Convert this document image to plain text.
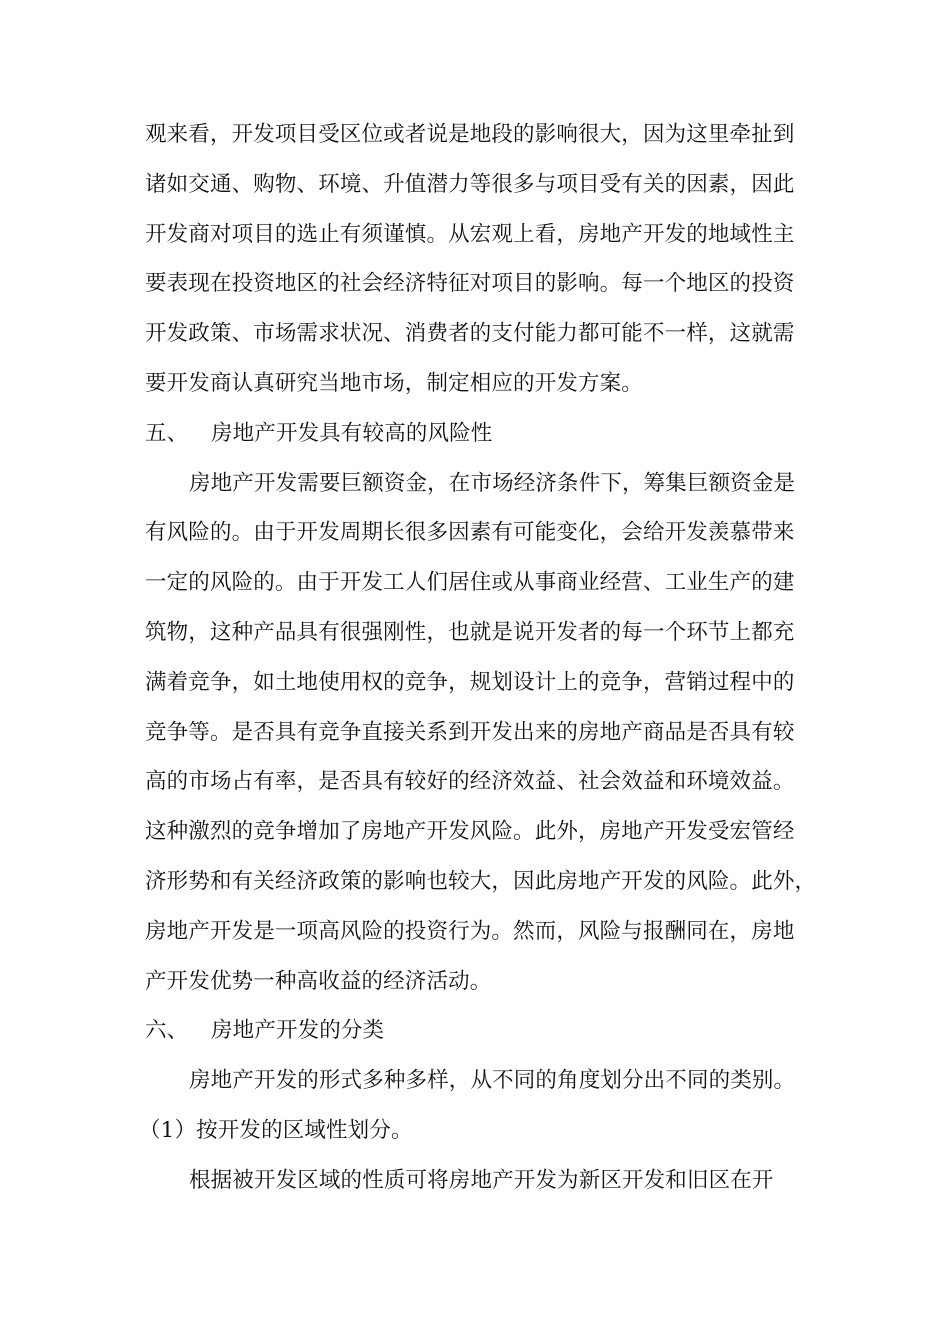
观来看，开发项目受区位或者说是地段的影响很大，因为这里牵扯到
诸如交通、购物、环境、升值潜力等很多与项目受有关的因素，因此
开发商对项目的选止有须谨慎。从宏观上看，房地产开发的地域性主
要表现在投资地区的社会经济特征对项目的影响。每一个地区的投资
开发政策、市场需求状况、消费者的支付能力都可能不一样，这就需
要开发商认真研究当地市场，制定相应的开发方案。
五、 房地产开发具有较高的风险性
房地产开发需要巨额资金，在市场经济条件下，筹集巨额资金是
有风险的。由于开发周期长很多因素有可能变化，会给开发羡慕带来
一定的风险的。由于开发工人们居住或从事商业经营、工业生产的建
筑物，这种产品具有很强刚性，也就是说开发者的每一个环节上都充
满着竞争，如土地使用权的竞争，规划设计上的竞争，营销过程中的
竞争等。是否具有竞争直接关系到开发出来的房地产商品是否具有较
高的市场占有率，是否具有较好的经济效益、社会效益和环境效益。
这种激烈的竞争增加了房地产开发风险。此外，房地产开发受宏管经
济形势和有关经济政策的影响也较大，因此房地产开发的风险。此外，
房地产开发是一项高风险的投资行为。然而，风险与报酬同在，房地
产开发优势一种高收益的经济活动。
六、 房地产开发的分类
房地产开发的形式多种多样，从不同的角度划分出不同的类别。
（1）按开发的区域性划分。
根据被开发区域的性质可将房地产开发为新区开发和旧区在开
